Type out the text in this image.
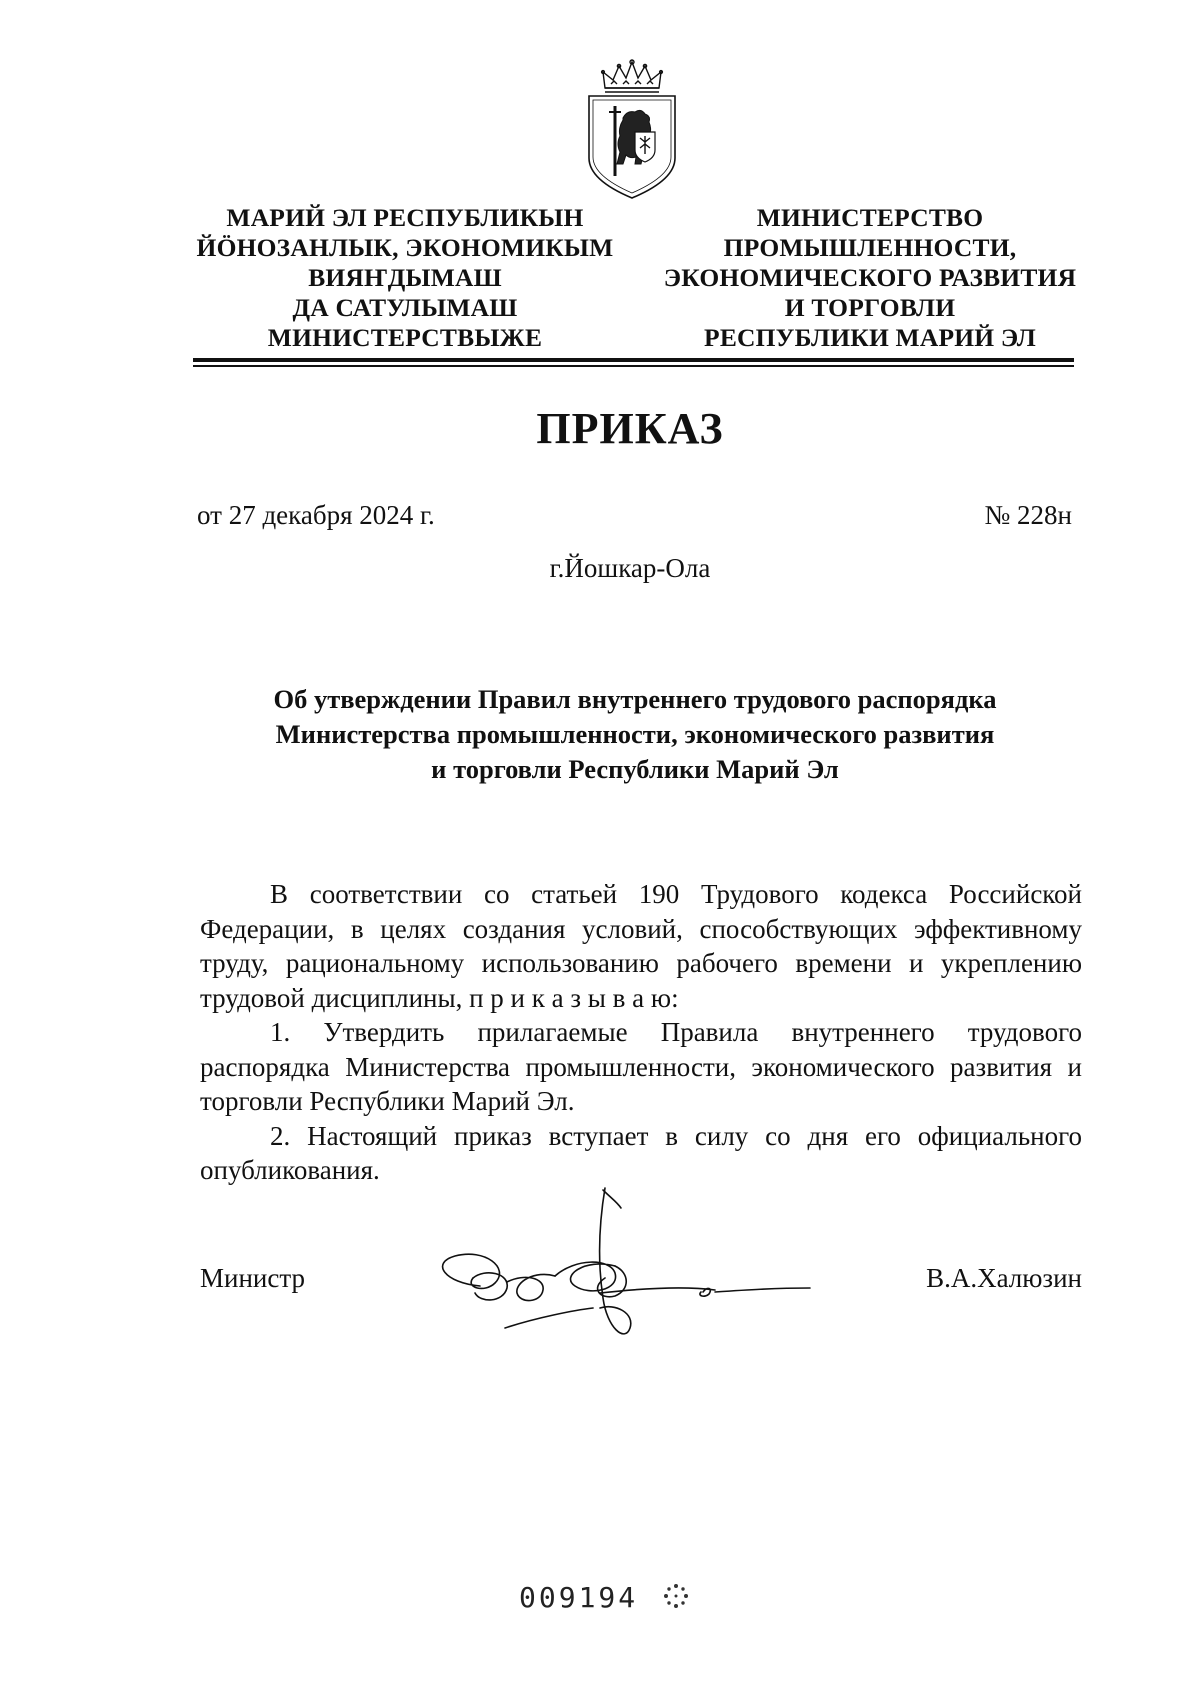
МАРИЙ ЭЛ РЕСПУБЛИКЫН
ЙӦНОЗАНЛЫК, ЭКОНОМИКЫМ
ВИЯҤДЫМАШ
ДА САТУЛЫМАШ
МИНИСТЕРСТВЫЖЕ
МИНИСТЕРСТВО
ПРОМЫШЛЕННОСТИ,
ЭКОНОМИЧЕСКОГО РАЗВИТИЯ
И ТОРГОВЛИ
РЕСПУБЛИКИ МАРИЙ ЭЛ
ПРИКАЗ
от 27 декабря 2024 г.	№ 228н
г.Йошкар-Ола
Об утверждении Правил внутреннего трудового распорядка
Министерства промышленности, экономического развития
и торговли Республики Марий Эл

В соответствии со статьей 190 Трудового кодекса Российской Федерации, в целях создания условий, способствующих эффективному труду, рациональному использованию рабочего времени и укреплению трудовой дисциплины, п р и к а з ы в а ю:

1. Утвердить прилагаемые Правила внутреннего трудового распорядка Министерства промышленности, экономического развития и торговли Республики Марий Эл.

2. Настоящий приказ вступает в силу со дня его официального опубликования.

Министр	В.А.Халюзин
009194
